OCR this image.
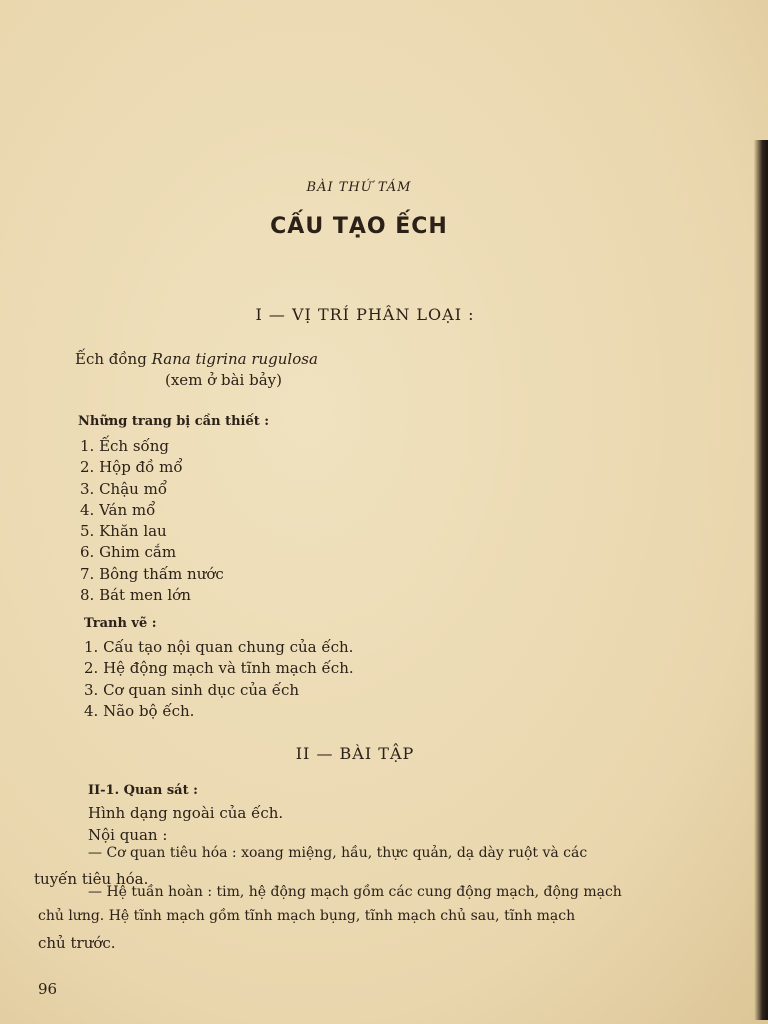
BÀI THỨ TÁM
CẤU TẠO ẾCH
I — VỊ TRÍ PHÂN LOẠI :
Ếch đồng Rana tigrina rugulosa
(xem ở bài bảy)
Những trang bị cần thiết :
1. Ếch sống
2. Hộp đồ mổ
3. Chậu mổ
4. Ván mổ
5. Khăn lau
6. Ghim cắm
7. Bông thấm nước
8. Bát men lớn
Tranh vẽ :
1. Cấu tạo nội quan chung của ếch.
2. Hệ động mạch và tĩnh mạch ếch.
3. Cơ quan sinh dục của ếch
4. Não bộ ếch.
II — BÀI TẬP
II-1. Quan sát :
Hình dạng ngoài của ếch.
Nội quan :
— Cơ quan tiêu hóa : xoang miệng, hầu, thực quản, dạ dày ruột và các
tuyến tiêu hóa.
— Hệ tuần hoàn : tim, hệ động mạch gồm các cung động mạch, động mạch
chủ lưng. Hệ tĩnh mạch gồm tĩnh mạch bụng, tĩnh mạch chủ sau, tĩnh mạch
chủ trước.
96
